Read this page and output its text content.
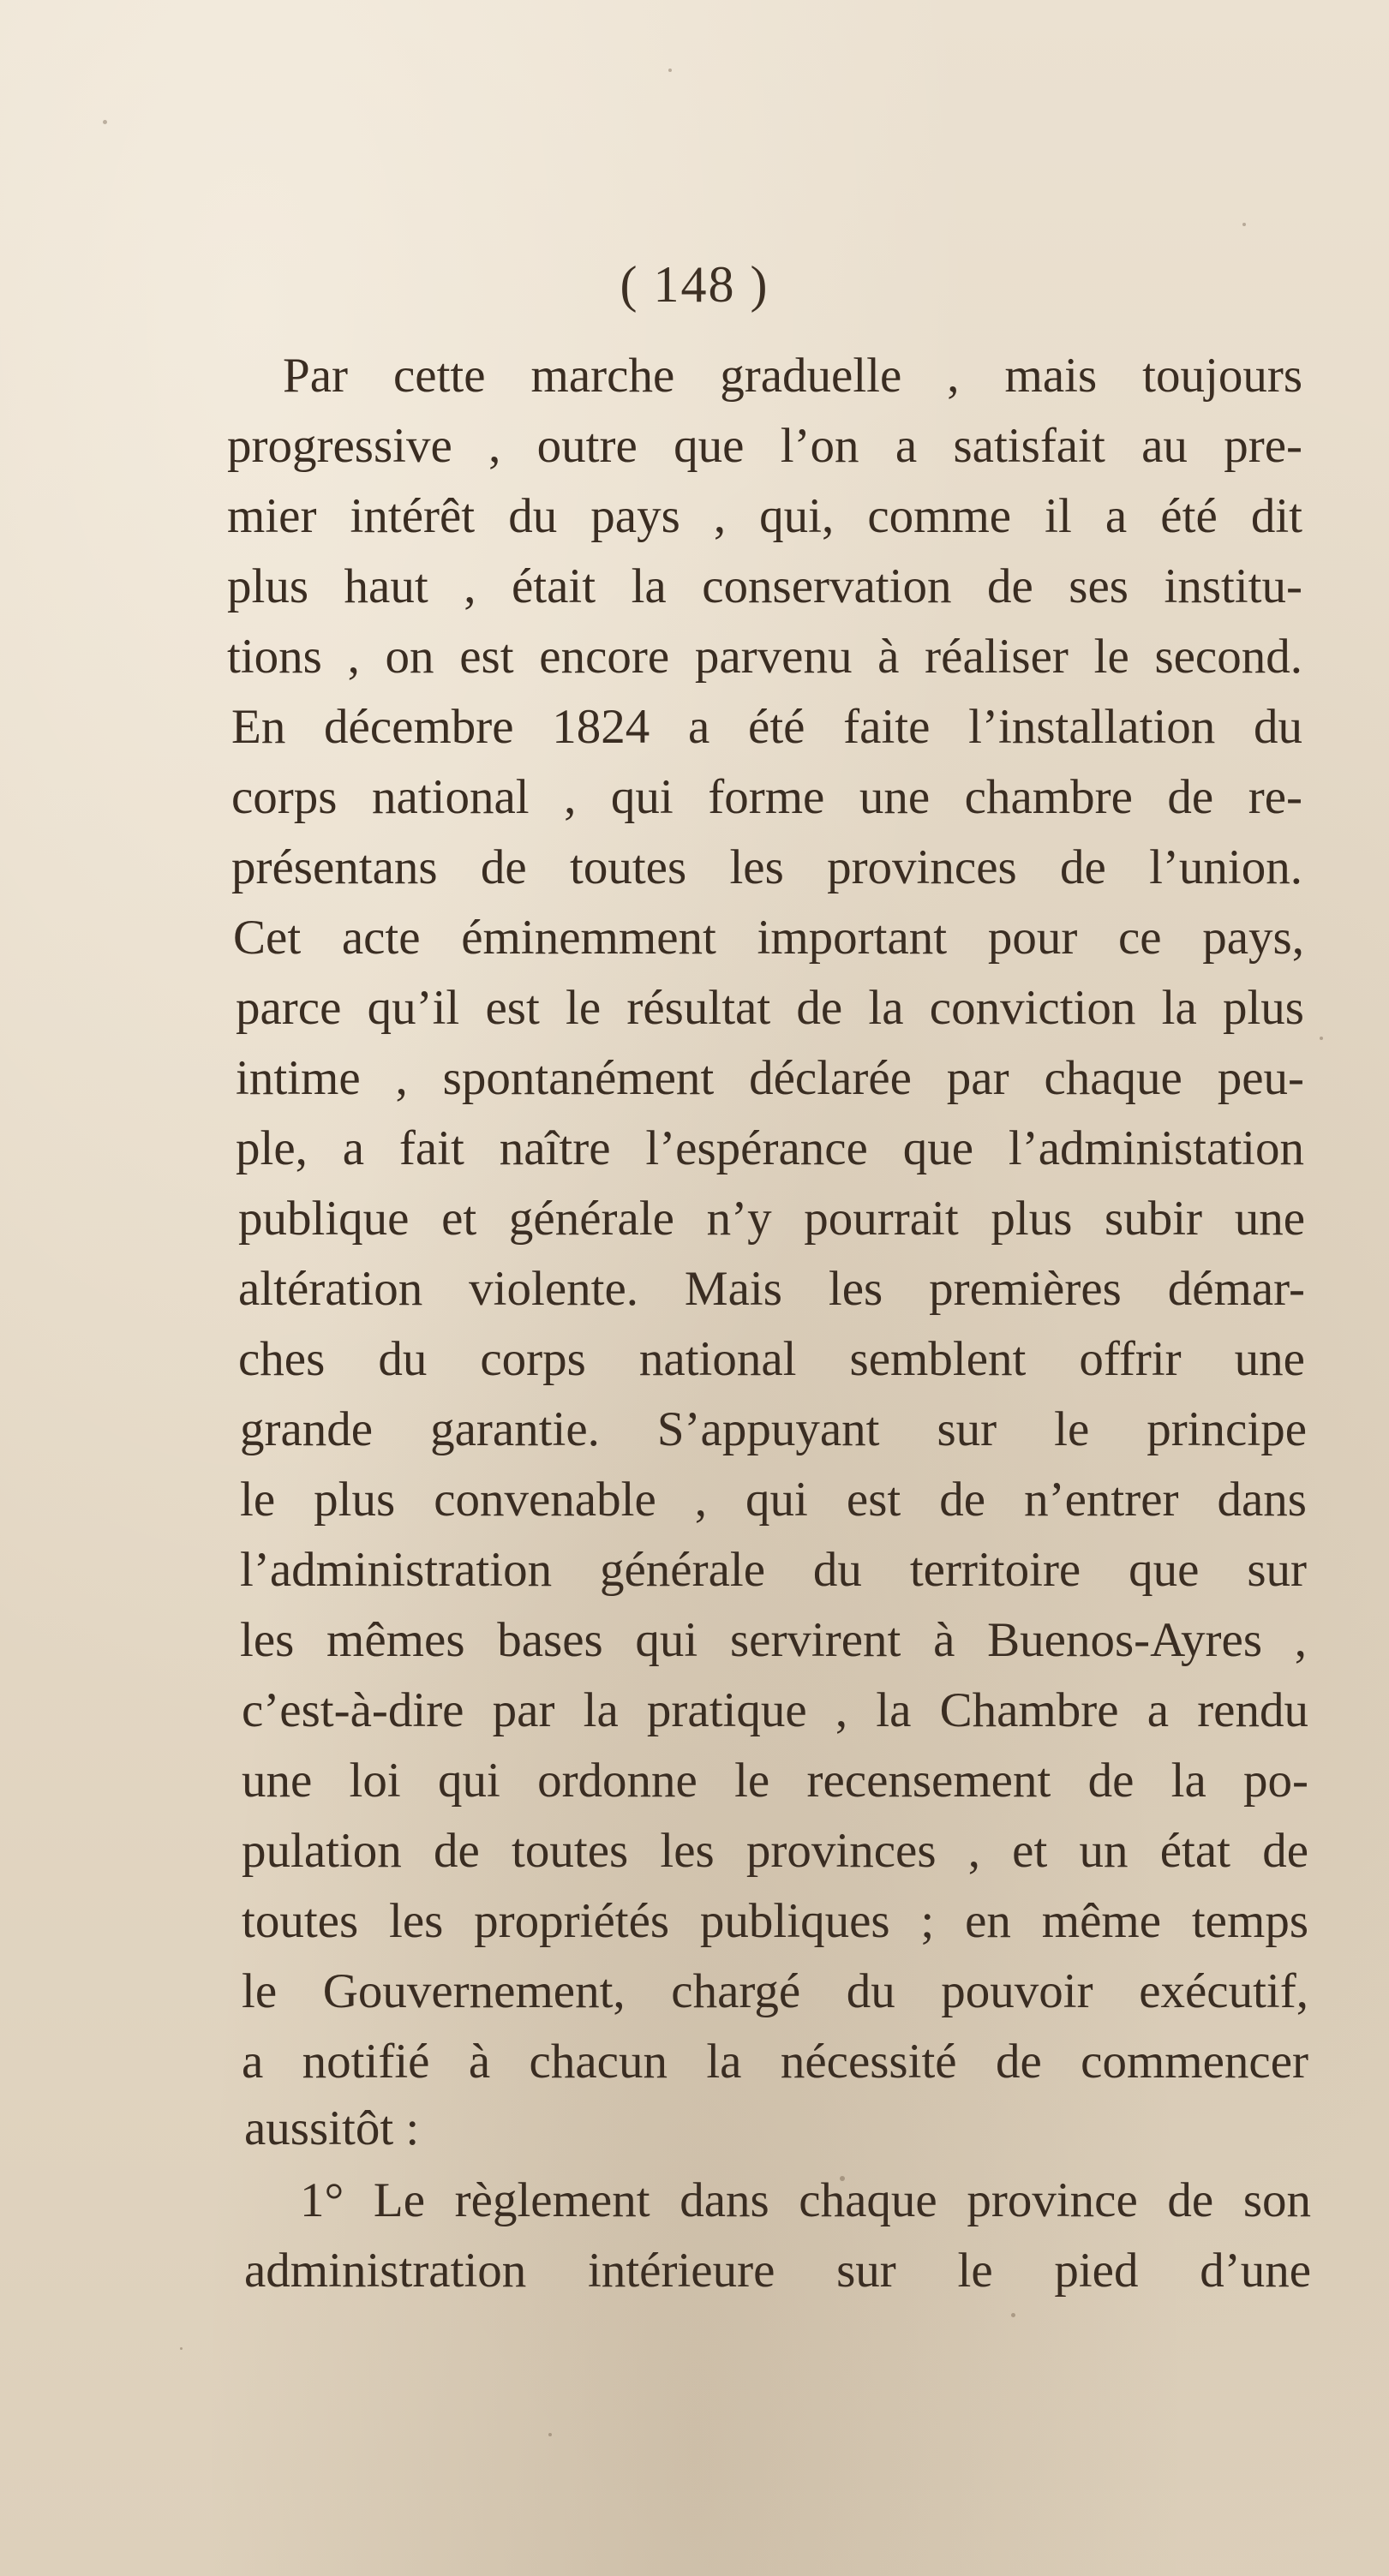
( 148 )
Par cette marche graduelle , mais toujours
progressive , outre que l’on a satisfait au pre-
mier intérêt du pays , qui, comme il a été dit
plus haut , était la conservation de ses institu-
tions , on est encore parvenu à réaliser le second.
En décembre 1824 a été faite l’installation du
corps national , qui forme une chambre de re-
présentans de toutes les provinces de l’union.
Cet acte éminemment important pour ce pays,
parce qu’il est le résultat de la conviction la plus
intime , spontanément déclarée par chaque peu-
ple, a fait naître l’espérance que l’administation
publique et générale n’y pourrait plus subir une
altération violente. Mais les premières démar-
ches du corps national semblent offrir une
grande garantie. S’appuyant sur le principe
le plus convenable , qui est de n’entrer dans
l’administration générale du territoire que sur
les mêmes bases qui servirent à Buenos-Ayres ,
c’est-à-dire par la pratique , la Chambre a rendu
une loi qui ordonne le recensement de la po-
pulation de toutes les provinces , et un état de
toutes les propriétés publiques ; en même temps
le Gouvernement, chargé du pouvoir exécutif,
a notifié à chacun la nécessité de commencer
aussitôt :
1° Le règlement dans chaque province de son
administration intérieure sur le pied d’une
